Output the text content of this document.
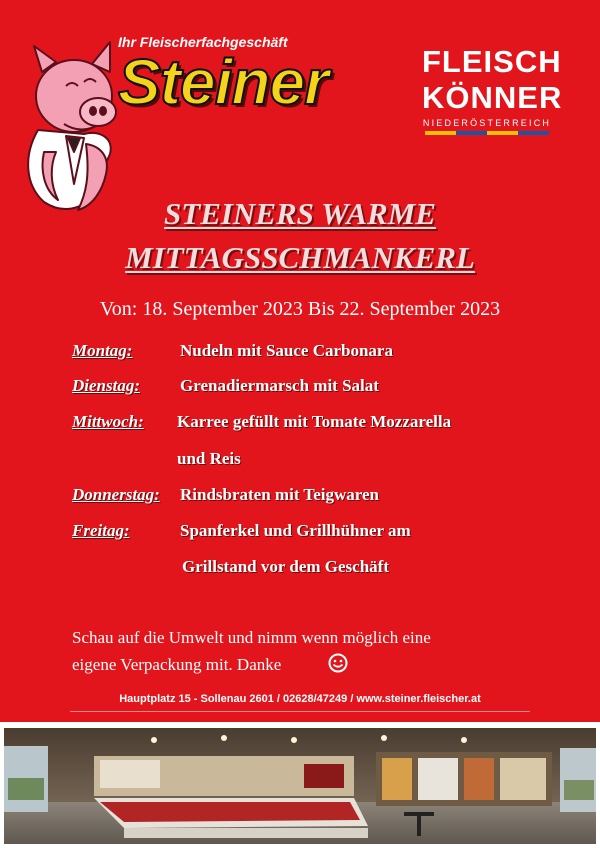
Ihr Fleischerfachgeschäft
Steiner	FLEISCH
KÖNNER
NIEDERÖSTERREICH
STEINERS WARME
MITTAGSSCHMANKERL
Von: 18. September 2023 Bis 22. September 2023
Montag:	Nudeln mit Sauce Carbonara
Dienstag: Grenadiermarsch mit Salat
Mittwoch: Karree gefüllt mit Tomate Mozzarella
und Reis
Donnerstag: Rindsbraten mit Teigwaren
Freitag:	Spanferkel und Grillhühner am
Grillstand vor dem Geschäft
Schau auf die Umwelt und nimm wenn möglich eine
eigene Verpackung mit. Danke
Hauptplatz 15 - Sollenau 2601 / 02628/47249 / www.steiner.fleischer.at
